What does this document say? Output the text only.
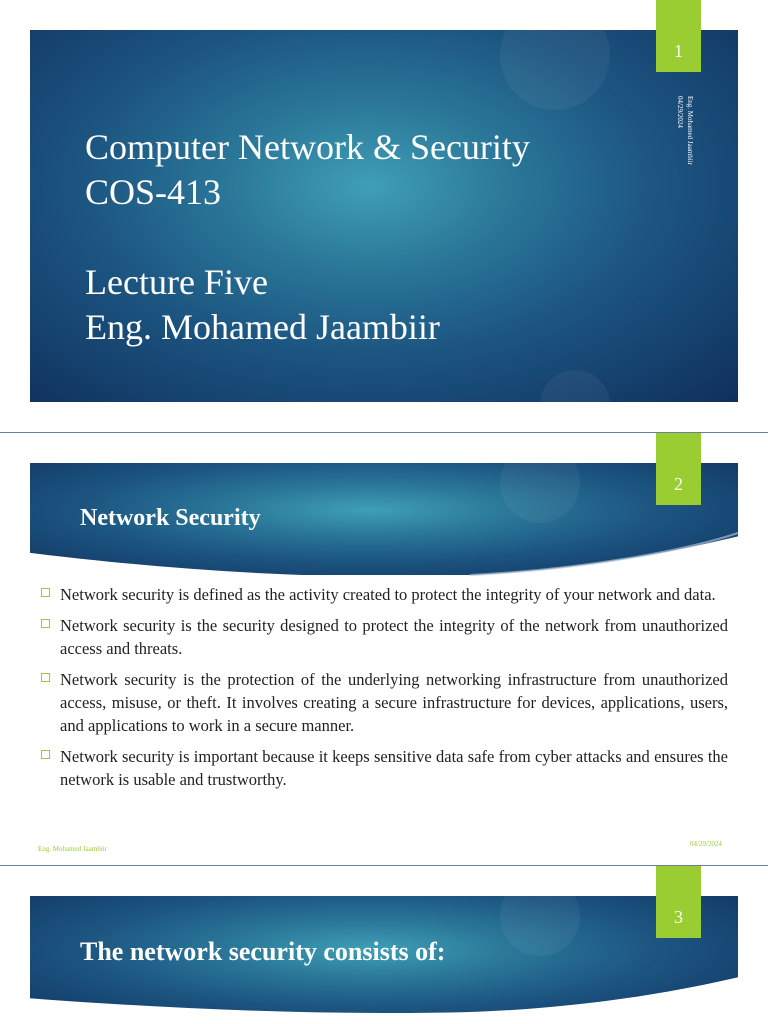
1
Computer Network & Security
COS-413
Lecture Five
Eng. Mohamed Jaambiir
Eng. Mohamed Jaambiir
04/29/2024
2
Network Security
Network security is defined as the activity created to protect the integrity of your network and data.
Network security is the security designed to protect the integrity of the network from unauthorized access and threats.
Network security is the protection of the underlying networking infrastructure from unauthorized access, misuse, or theft. It involves creating a secure infrastructure for devices, applications, users, and applications to work in a secure manner.
Network security is important because it keeps sensitive data safe from cyber attacks and ensures the network is usable and trustworthy.
Eng. Mohamed Jaambiir
04/29/2024
3
The network security consists of:
